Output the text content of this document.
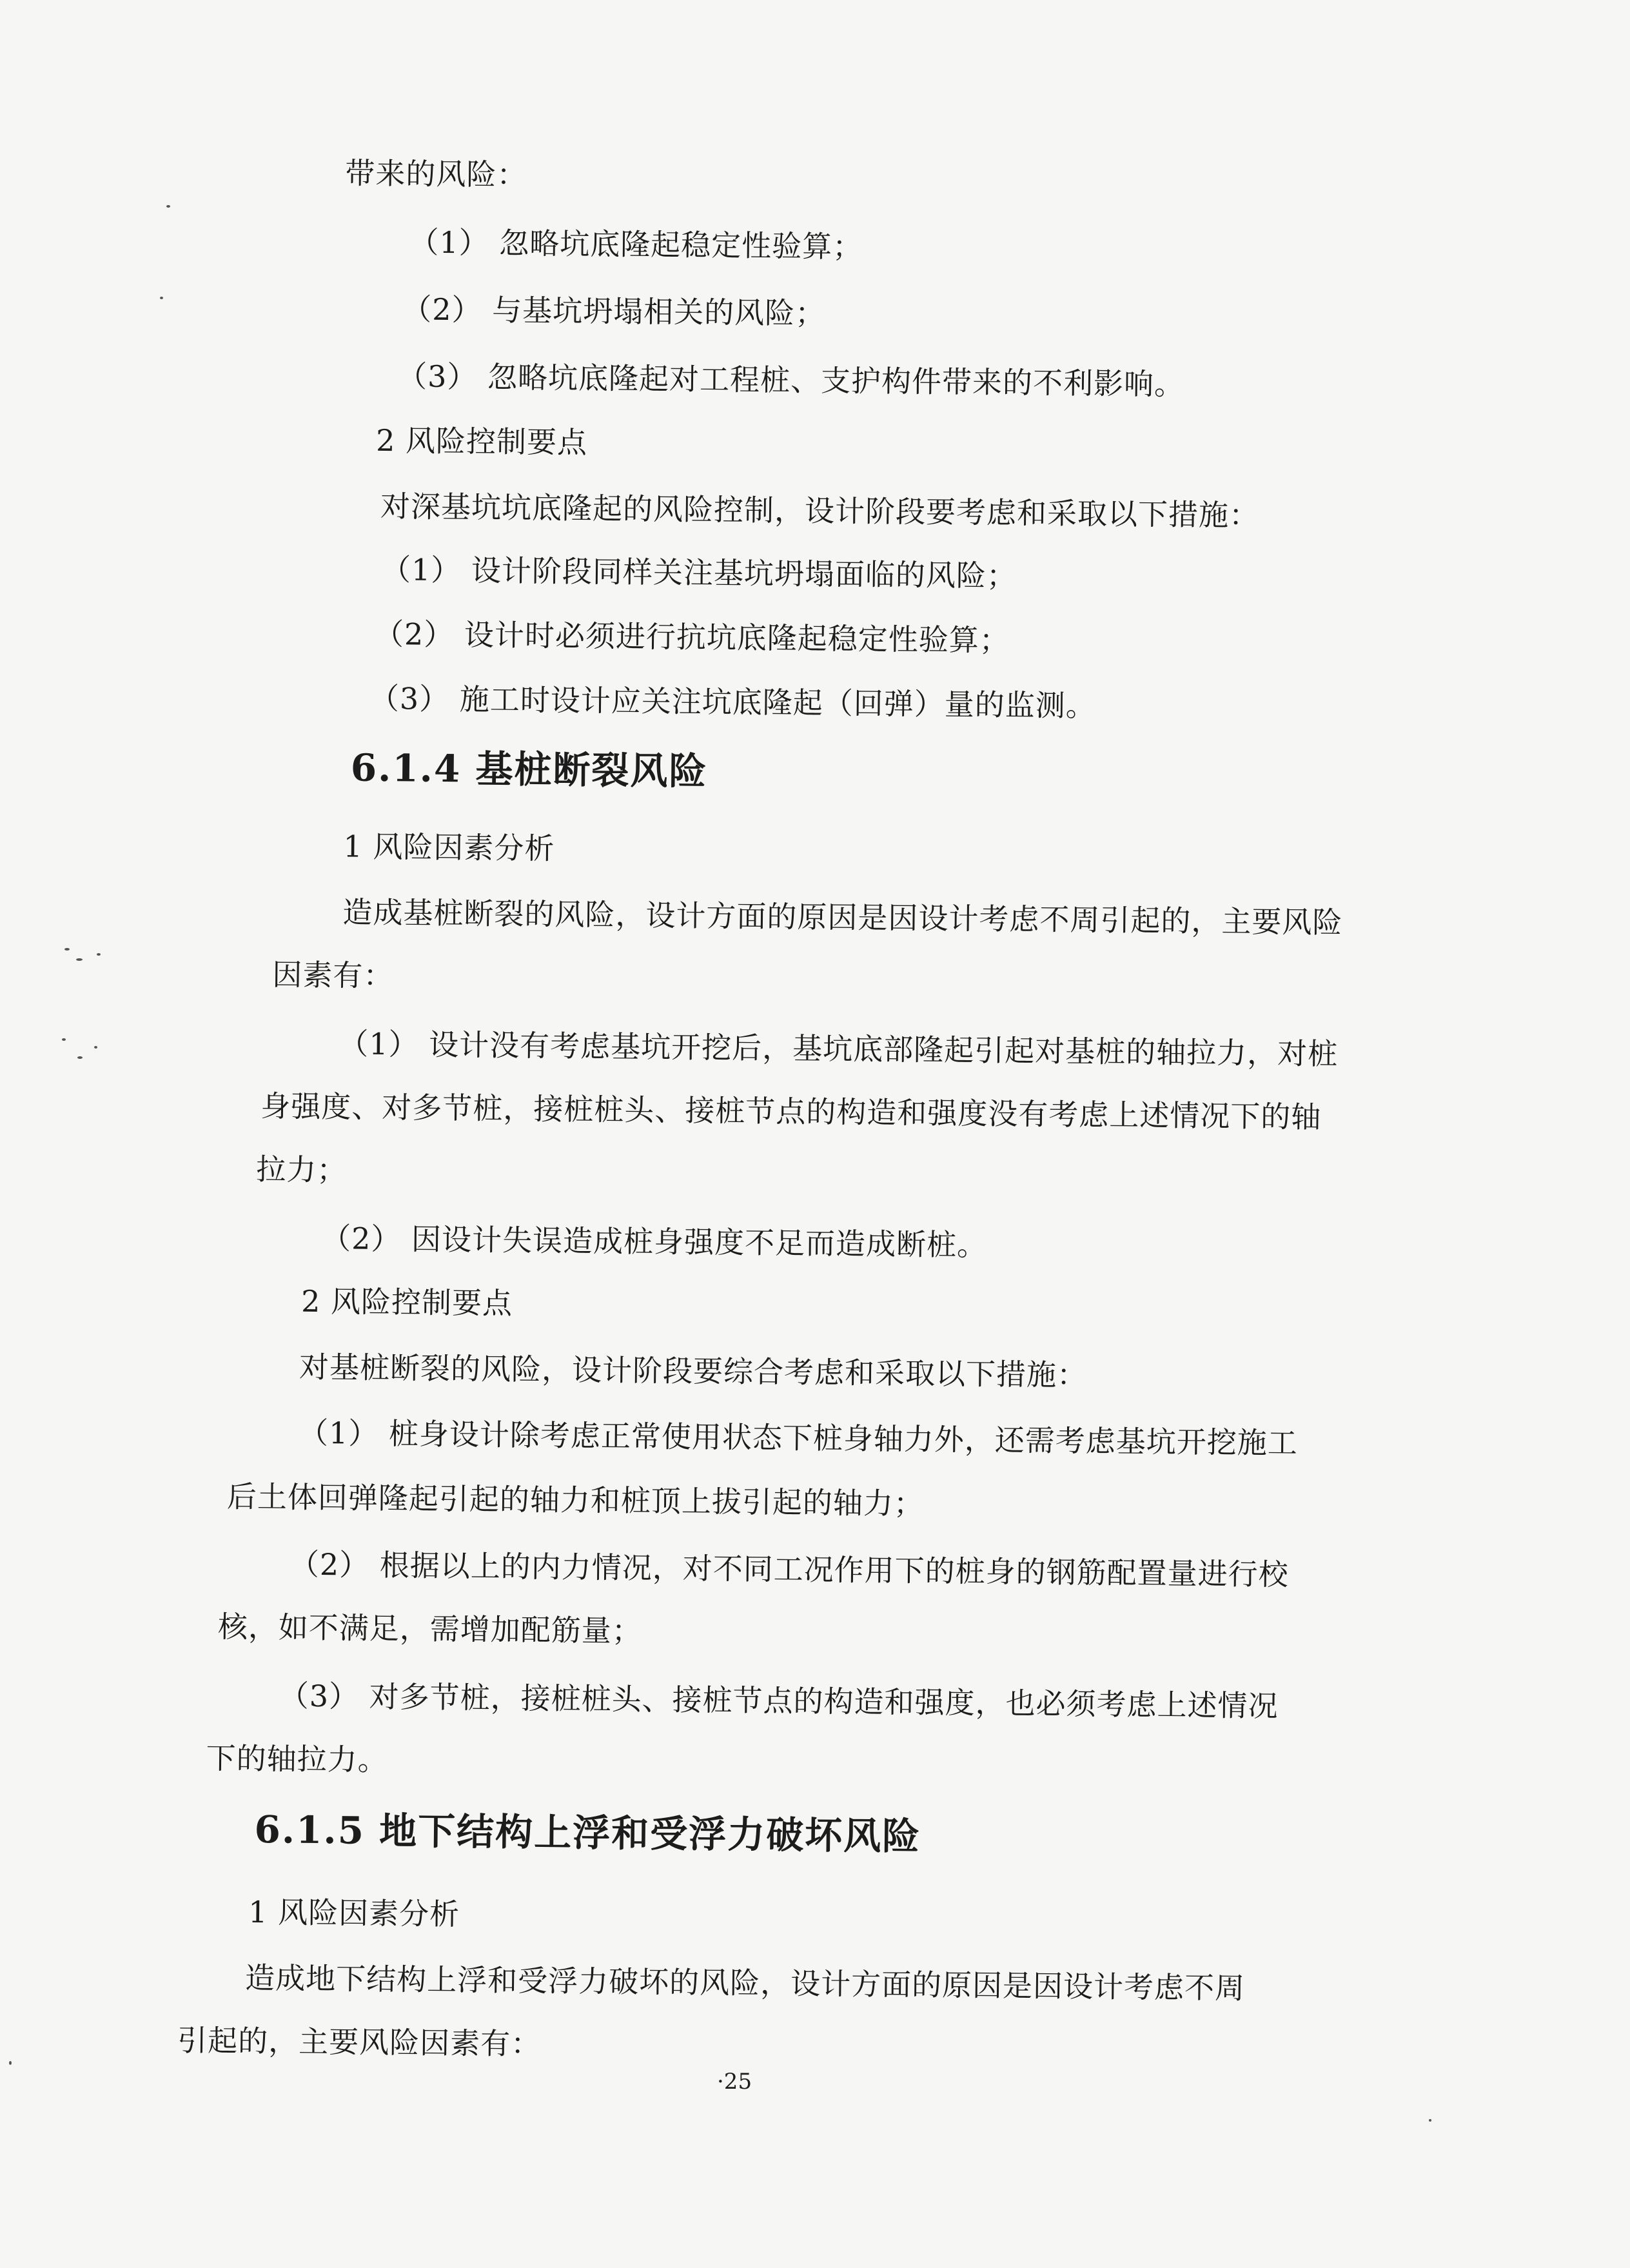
带来的风险：
（1） 忽略坑底隆起稳定性验算；
（2） 与基坑坍塌相关的风险；
（3） 忽略坑底隆起对工程桩、支护构件带来的不利影响。
2 风险控制要点
对深基坑坑底隆起的风险控制，设计阶段要考虑和采取以下措施：
（1） 设计阶段同样关注基坑坍塌面临的风险；
（2） 设计时必须进行抗坑底隆起稳定性验算；
（3） 施工时设计应关注坑底隆起（回弹）量的监测。
6.1.4 基桩断裂风险
1 风险因素分析
造成基桩断裂的风险，设计方面的原因是因设计考虑不周引起的，主要风险
因素有：
（1） 设计没有考虑基坑开挖后，基坑底部隆起引起对基桩的轴拉力，对桩
身强度、对多节桩，接桩桩头、接桩节点的构造和强度没有考虑上述情况下的轴
拉力；
（2） 因设计失误造成桩身强度不足而造成断桩。
2 风险控制要点
对基桩断裂的风险，设计阶段要综合考虑和采取以下措施：
（1） 桩身设计除考虑正常使用状态下桩身轴力外，还需考虑基坑开挖施工
后土体回弹隆起引起的轴力和桩顶上拔引起的轴力；
（2） 根据以上的内力情况，对不同工况作用下的桩身的钢筋配置量进行校
核，如不满足，需增加配筋量；
（3） 对多节桩，接桩桩头、接桩节点的构造和强度，也必须考虑上述情况
下的轴拉力。
6.1.5 地下结构上浮和受浮力破坏风险
1 风险因素分析
造成地下结构上浮和受浮力破坏的风险，设计方面的原因是因设计考虑不周
引起的，主要风险因素有：
·25
